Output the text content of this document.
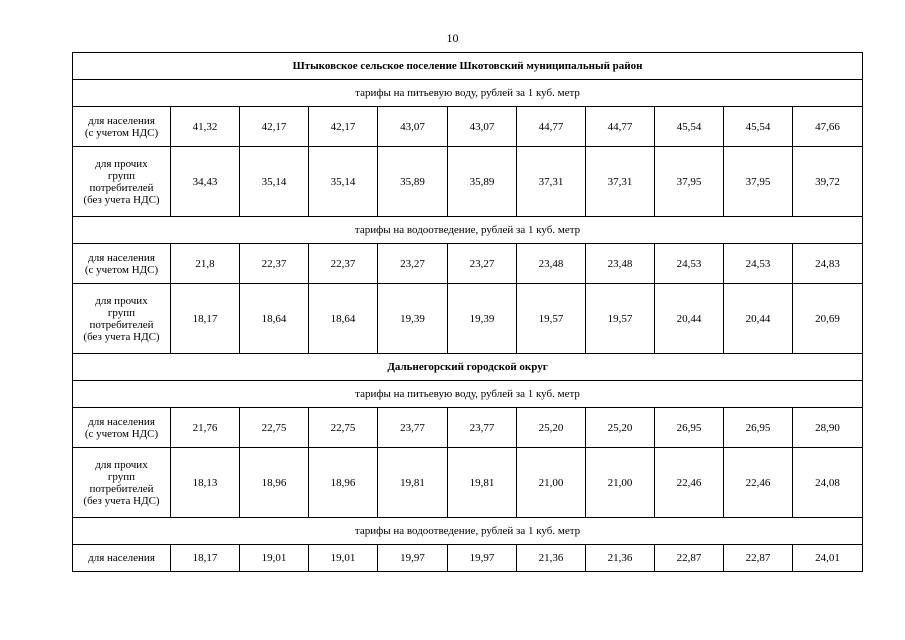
10
Штыковское сельское поселение Шкотовский муниципальный район										
тарифы на питьевую воду, рублей за 1 куб. метр										

для населения
(с учетом НДС)	41,32	42,17	42,17	43,07	43,07	44,77	44,77	45,54	45,54	47,66

для прочих
групп
потребителей
(без учета НДС)	34,43	35,14	35,14	35,89	35,89	37,31	37,31	37,95	37,95	39,72
тарифы на водоотведение, рублей за 1 куб. метр										

для населения
(с учетом НДС)	21,8	22,37	22,37	23,27	23,27	23,48	23,48	24,53	24,53	24,83

для прочих
групп
потребителей
(без учета НДС)	18,17	18,64	18,64	19,39	19,39	19,57	19,57	20,44	20,44	20,69
Дальнегорский городской округ										
тарифы на питьевую воду, рублей за 1 куб. метр										

для населения
(с учетом НДС)	21,76	22,75	22,75	23,77	23,77	25,20	25,20	26,95	26,95	28,90

для прочих
групп
потребителей
(без учета НДС)	18,13	18,96	18,96	19,81	19,81	21,00	21,00	22,46	22,46	24,08
тарифы на водоотведение, рублей за 1 куб. метр										

для населения	18,17	19,01	19,01	19,97	19,97	21,36	21,36	22,87	22,87	24,01
